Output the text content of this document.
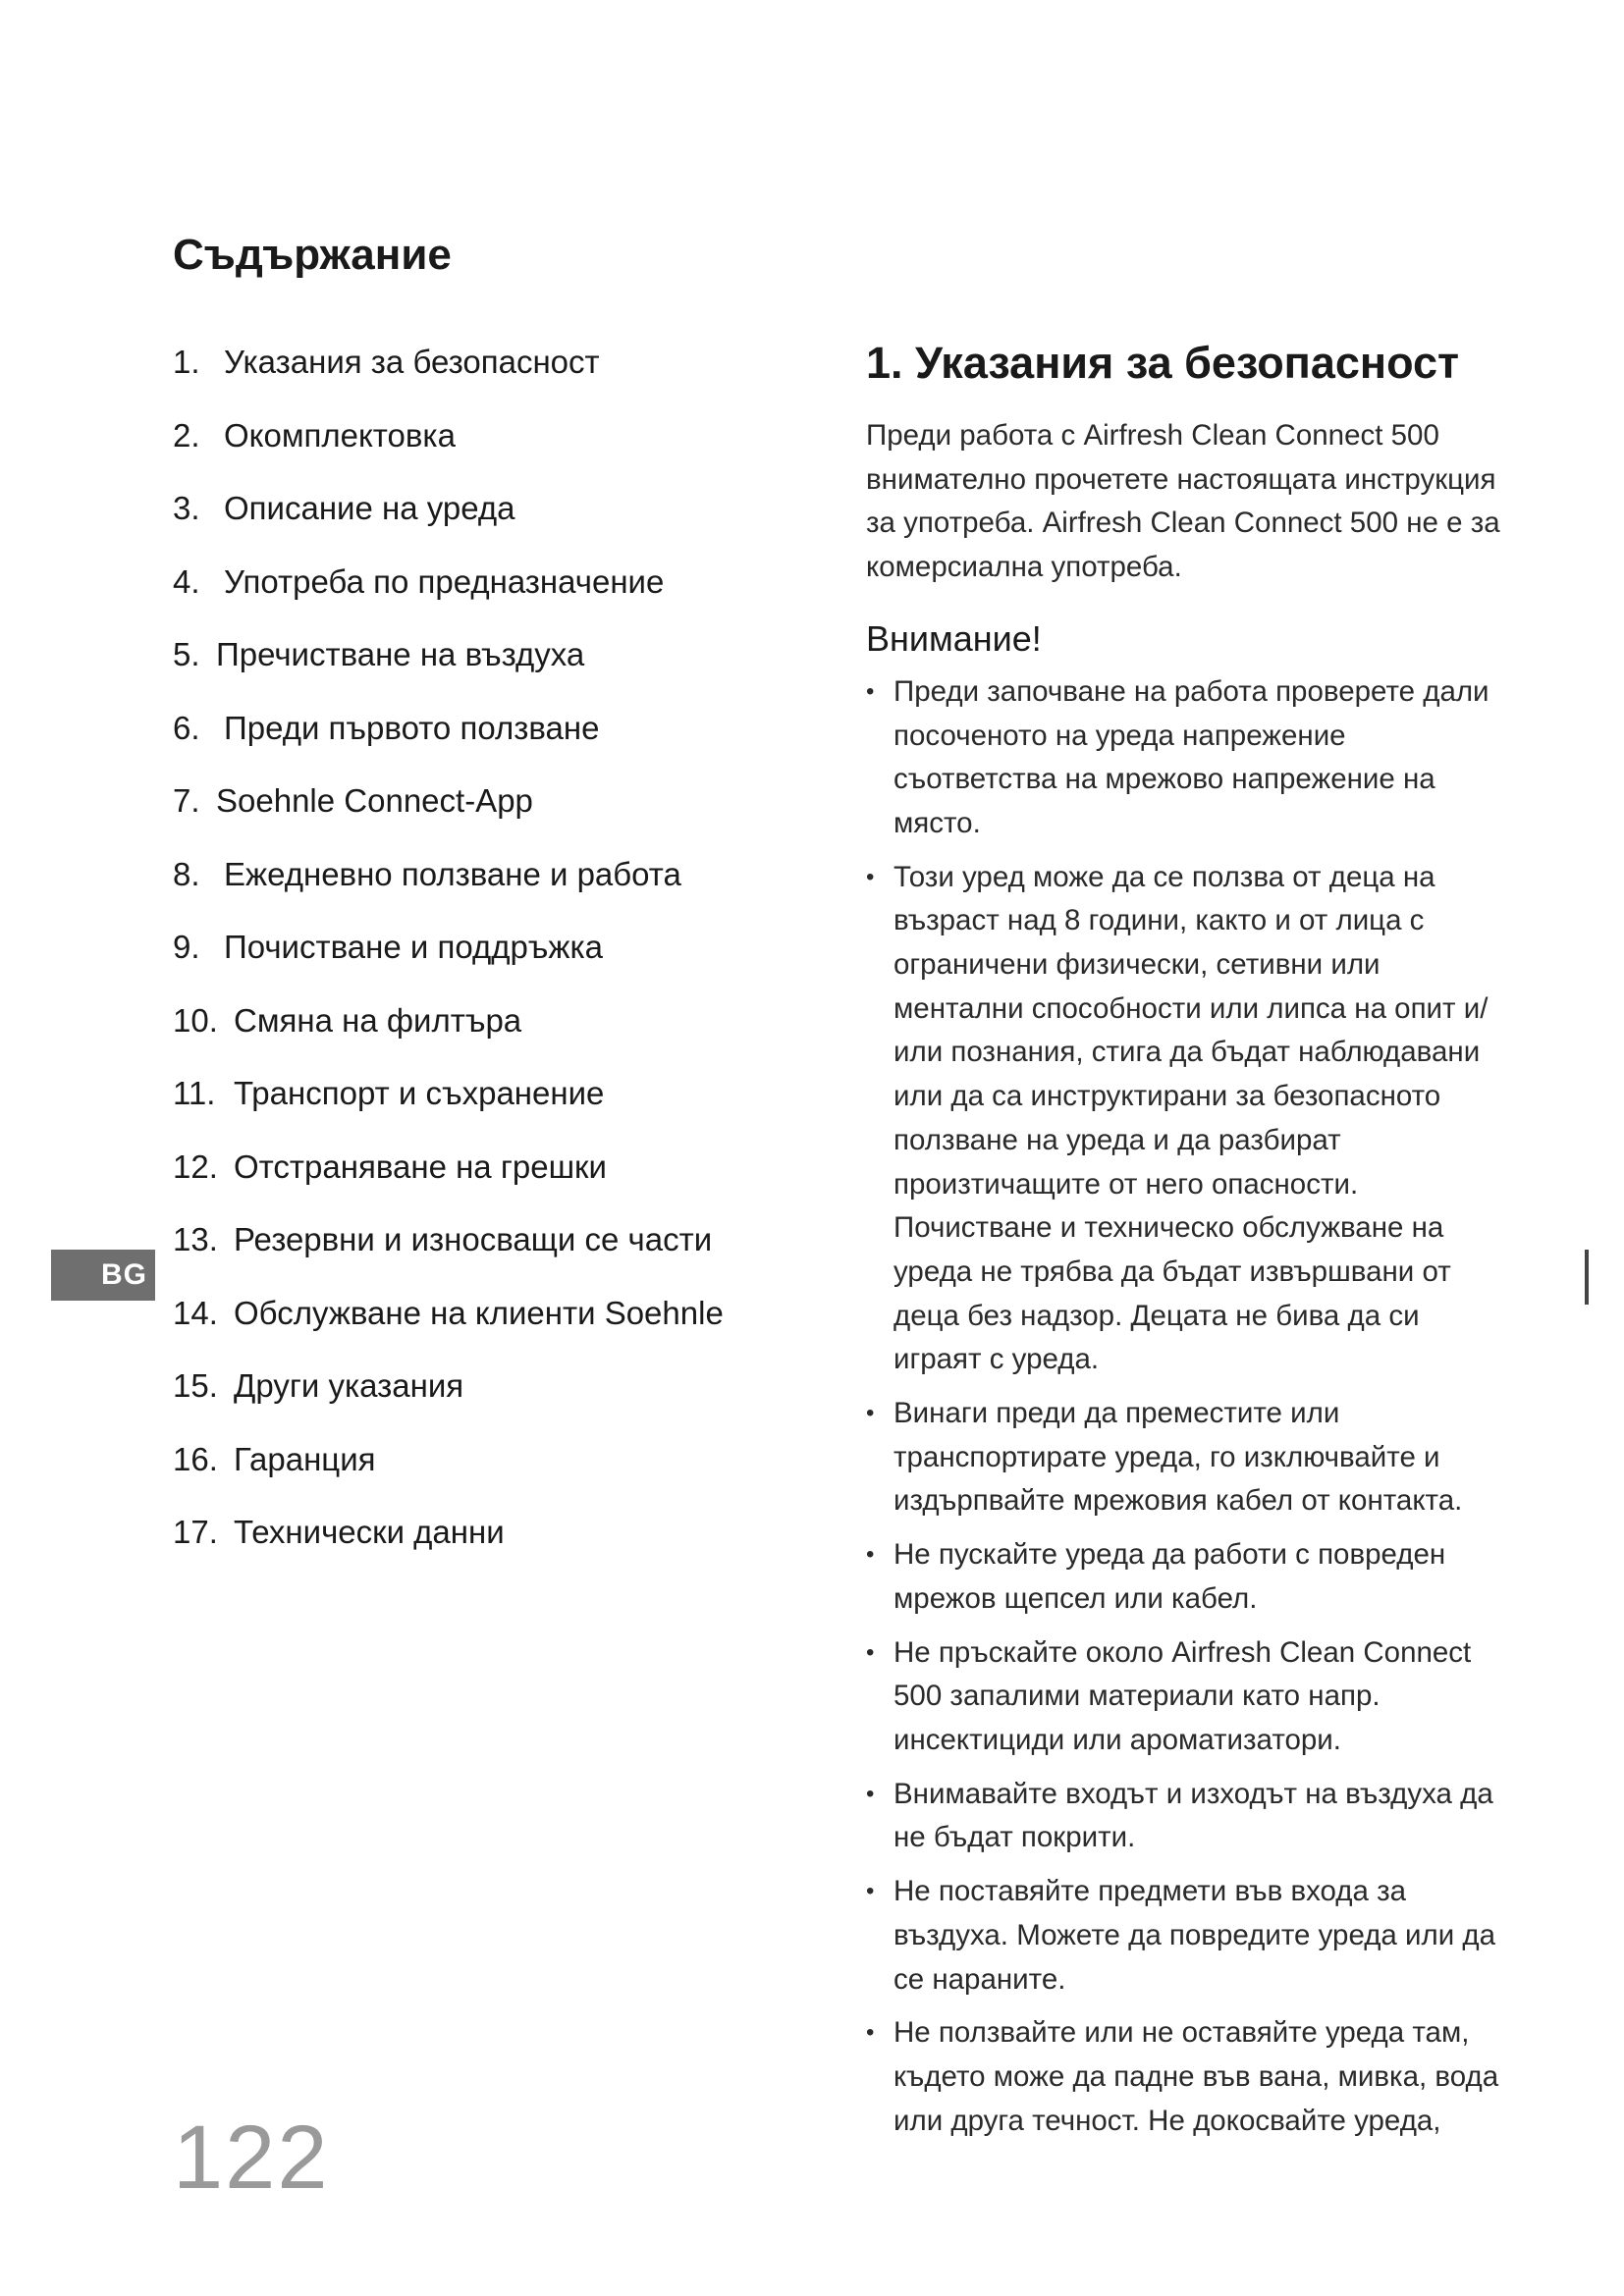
Съдържание
1. Указания за безопасност
2. Окомплектовка
3. Описание на уреда
4. Употреба по предназначение
5. Пречистване на въздуха
6. Преди първото ползване
7. Soehnle Connect-App
8. Ежедневно ползване и работа
9. Почистване и поддръжка
10. Смяна на филтъра
11. Транспорт и съхранение
12. Отстраняване на грешки
13. Резервни и износващи се части
14. Обслужване на клиенти Soehnle
15. Други указания
16. Гаранция
17. Технически данни
BG
1. Указания за безопасност

Преди работа с Airfresh Clean Connect 500 внимателно прочетете настоящата инструкция за употреба. Airfresh Clean Connect 500 не е за комерсиална употреба.

Внимание!
• Преди започване на работа проверете дали посоченото на уреда напрежение съответства на мрежово напрежение на място.
• Този уред може да се ползва от деца на възраст над 8 години, както и от лица с ограничени физически, сетивни или ментални способности или липса на опит и/или познания, стига да бъдат наблюдавани или да са инструктирани за безопасното ползване на уреда и да разбират произтичащите от него опасности. Почистване и техническо обслужване на уреда не трябва да бъдат извършвани от деца без надзор. Децата не бива да си играят с уреда.
• Винаги преди да преместите или транспортирате уреда, го изключвайте и издърпвайте мрежовия кабел от контакта.
• Не пускайте уреда да работи с повреден мрежов щепсел или кабел.
• Не пръскайте около Airfresh Clean Connect 500 запалими материали като напр. инсектициди или ароматизатори.
• Внимавайте входът и изходът на въздуха да не бъдат покрити.
• Не поставяйте предмети във входа за въздуха. Можете да повредите уреда или да се нараните.
• Не ползвайте или не оставяйте уреда там, където може да падне във вана, мивка, вода или друга течност. Не докосвайте уреда,
122
